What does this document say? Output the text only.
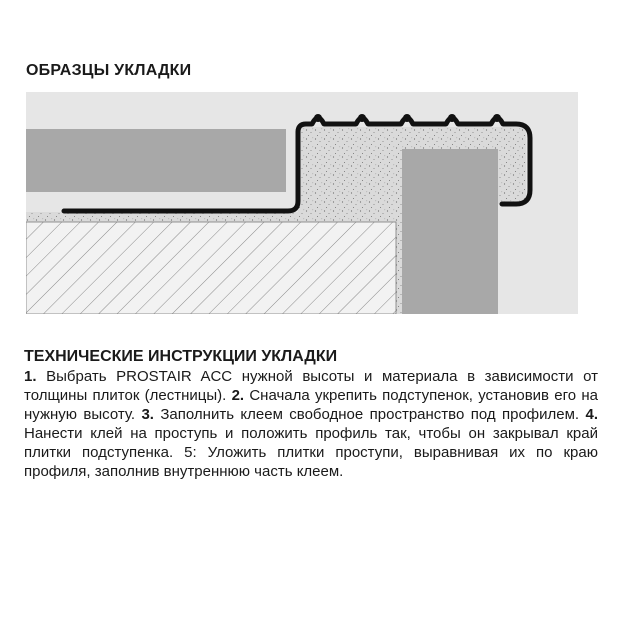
ОБРАЗЦЫ УКЛАДКИ
ТЕХНИЧЕСКИЕ ИНСТРУКЦИИ УКЛАДКИ

1. Выбрать PROSTAIR ACC нужной высоты и материала в зависимости от толщины плиток (лестницы). 2. Сначала укрепить подступенок, установив его на нужную высоту. 3. Заполнить клеем свободное пространство под профилем. 4. Нанести клей на проступь и положить профиль так, чтобы он закрывал край плитки подступенка. 5: Уложить плитки проступи, выравнивая их по краю профиля, заполнив внутреннюю часть клеем.
